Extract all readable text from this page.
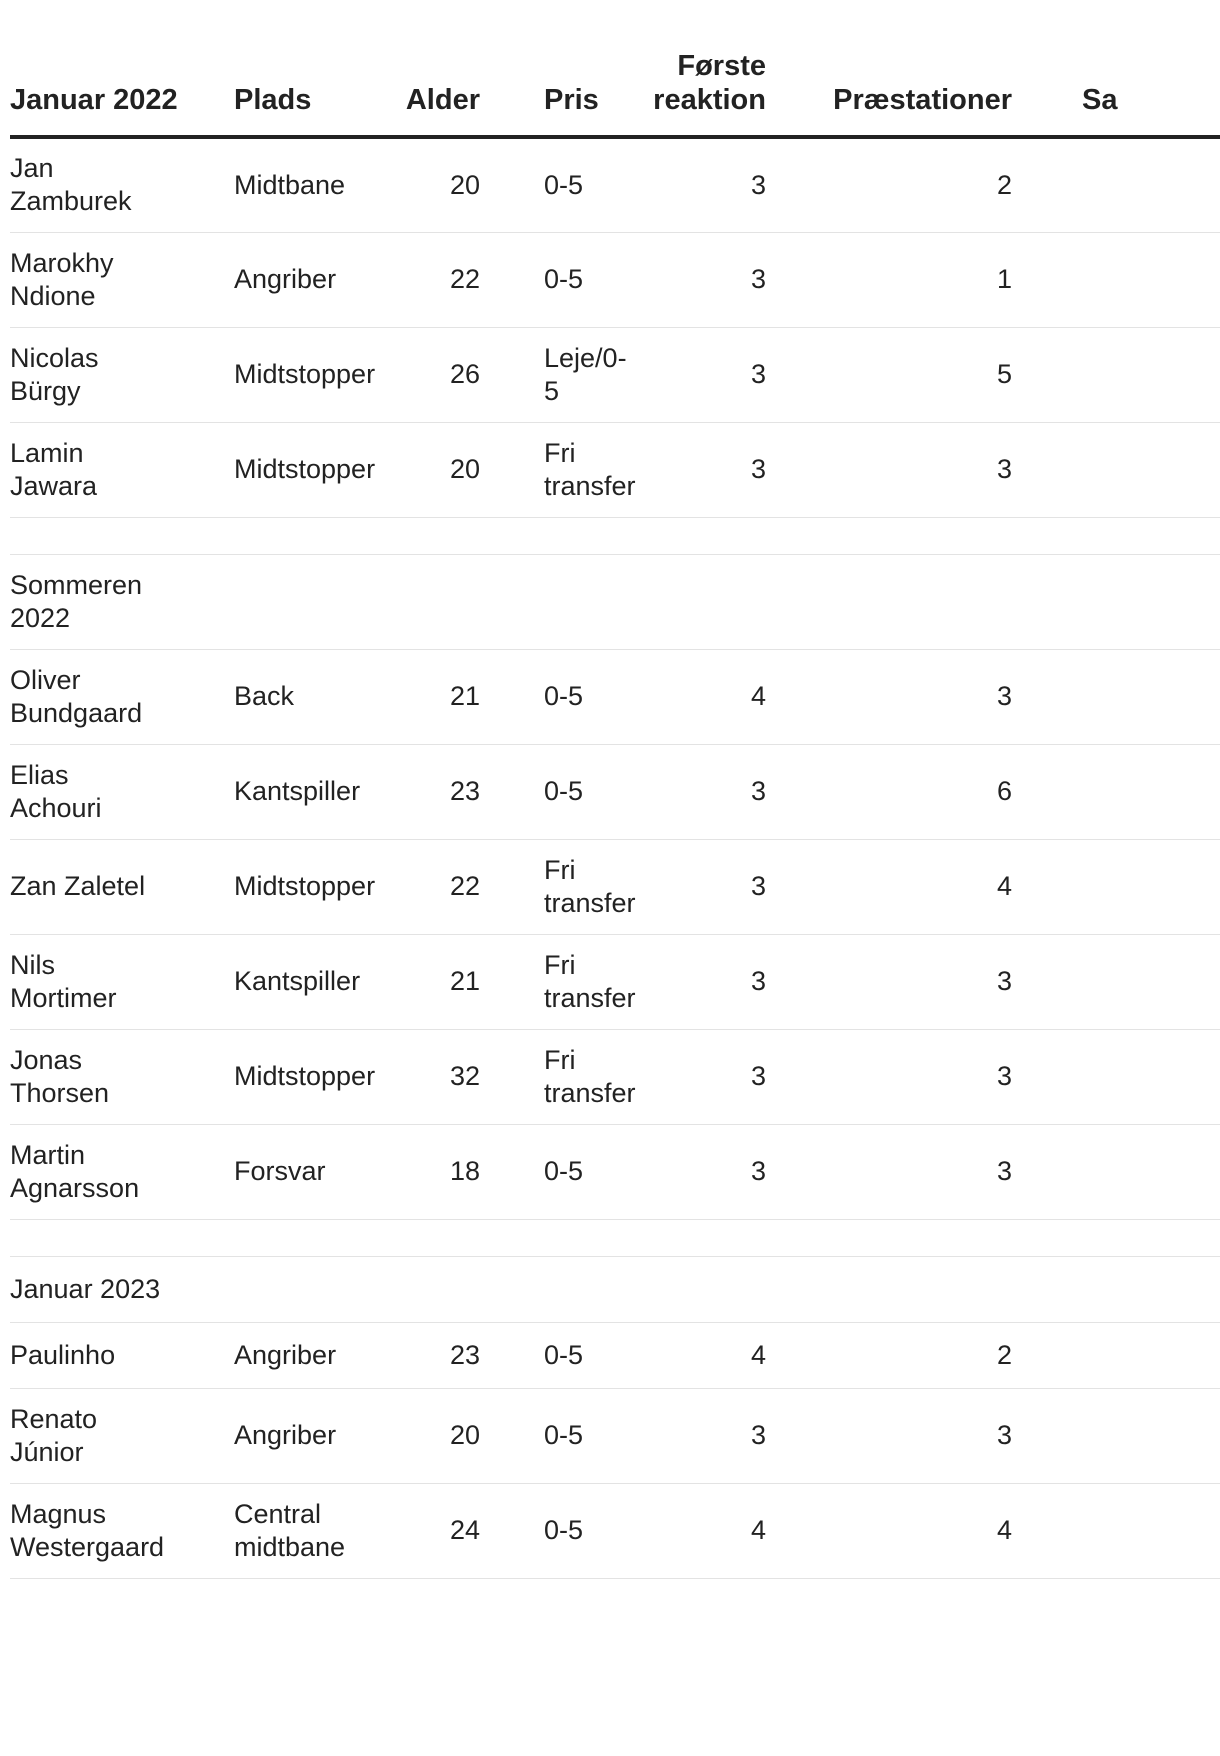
Januar 2022	Plads	Alder	Pris	Første reaktion	Præstationer	Sa
Jan Zamburek	Midtbane	20	0-5	3	2	
Marokhy Ndione	Angriber	22	0-5	3	1	
Nicolas Bürgy	Midtstopper	26	Leje/0-5	3	5	
Lamin Jawara	Midtstopper	20	Fri transfer	3	3	

Sommeren 2022						
Oliver Bundgaard	Back	21	0-5	4	3	
Elias Achouri	Kantspiller	23	0-5	3	6	
Zan Zaletel	Midtstopper	22	Fri transfer	3	4	
Nils Mortimer	Kantspiller	21	Fri transfer	3	3	
Jonas Thorsen	Midtstopper	32	Fri transfer	3	3	
Martin Agnarsson	Forsvar	18	0-5	3	3	

Januar 2023						
Paulinho	Angriber	23	0-5	4	2	
Renato Júnior	Angriber	20	0-5	3	3	
Magnus Westergaard	Central midtbane	24	0-5	4	4	
